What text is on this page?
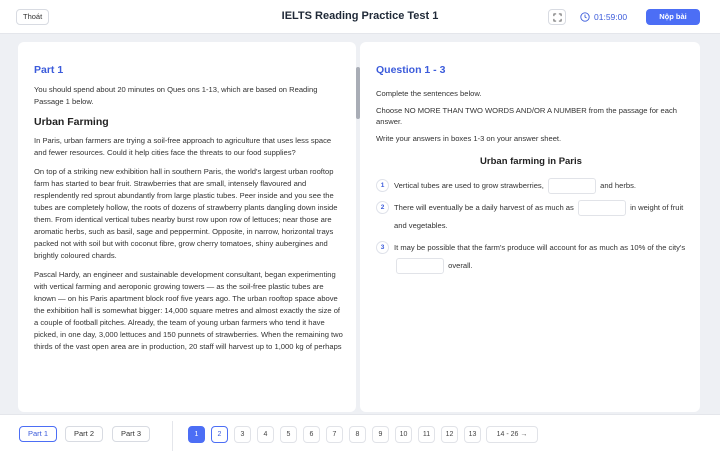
Thoát	IELTS Reading Practice Test 1	01:59:00	Nộp bài
Part 1
You should spend about 20 minutes on Ques ons 1-13, which are based on Reading Passage 1 below.
Urban Farming
In Paris, urban farmers are trying a soil-free approach to agriculture that uses less space and fewer resources. Could it help cities face the threats to our food supplies?
On top of a striking new exhibition hall in southern Paris, the world's largest urban rooftop farm has started to bear fruit. Strawberries that are small, intensely flavoured and resplendently red sprout abundantly from large plastic tubes. Peer inside and you see the tubes are completely hollow, the roots of dozens of strawberry plants dangling down inside them. From identical vertical tubes nearby burst row upon row of lettuces; near those are aromatic herbs, such as basil, sage and peppermint. Opposite, in narrow, horizontal trays packed not with soil but with coconut fibre, grow cherry tomatoes, shiny aubergines and brightly coloured chards.
Pascal Hardy, an engineer and sustainable development consultant, began experimenting with vertical farming and aeroponic growing towers — as the soil-free plastic tubes are known — on his Paris apartment block roof five years ago. The urban rooftop space above the exhibition hall is somewhat bigger: 14,000 square metres and almost exactly the size of a couple of football pitches. Already, the team of young urban farmers who tend it have picked, in one day, 3,000 lettuces and 150 punnets of strawberries. When the remaining two thirds of the vast open area are in production, 20 staff will harvest up to 1,000 kg of perhaps
Question 1 - 3
Complete the sentences below.
Choose NO MORE THAN TWO WORDS AND/OR A NUMBER from the passage for each answer.
Write your answers in boxes 1-3 on your answer sheet.
Urban farming in Paris
1	Vertical tubes are used to grow strawberries,	and herbs.
2	There will eventually be a daily harvest of as much as	in weight of fruit and vegetables.
3	It may be possible that the farm's produce will account for as much as 10% of the city's  overall.
Part 1	Part 2	Part 3	1	2	3	4	5	6	7	8	9	10	11	12	13	14 - 26 →
